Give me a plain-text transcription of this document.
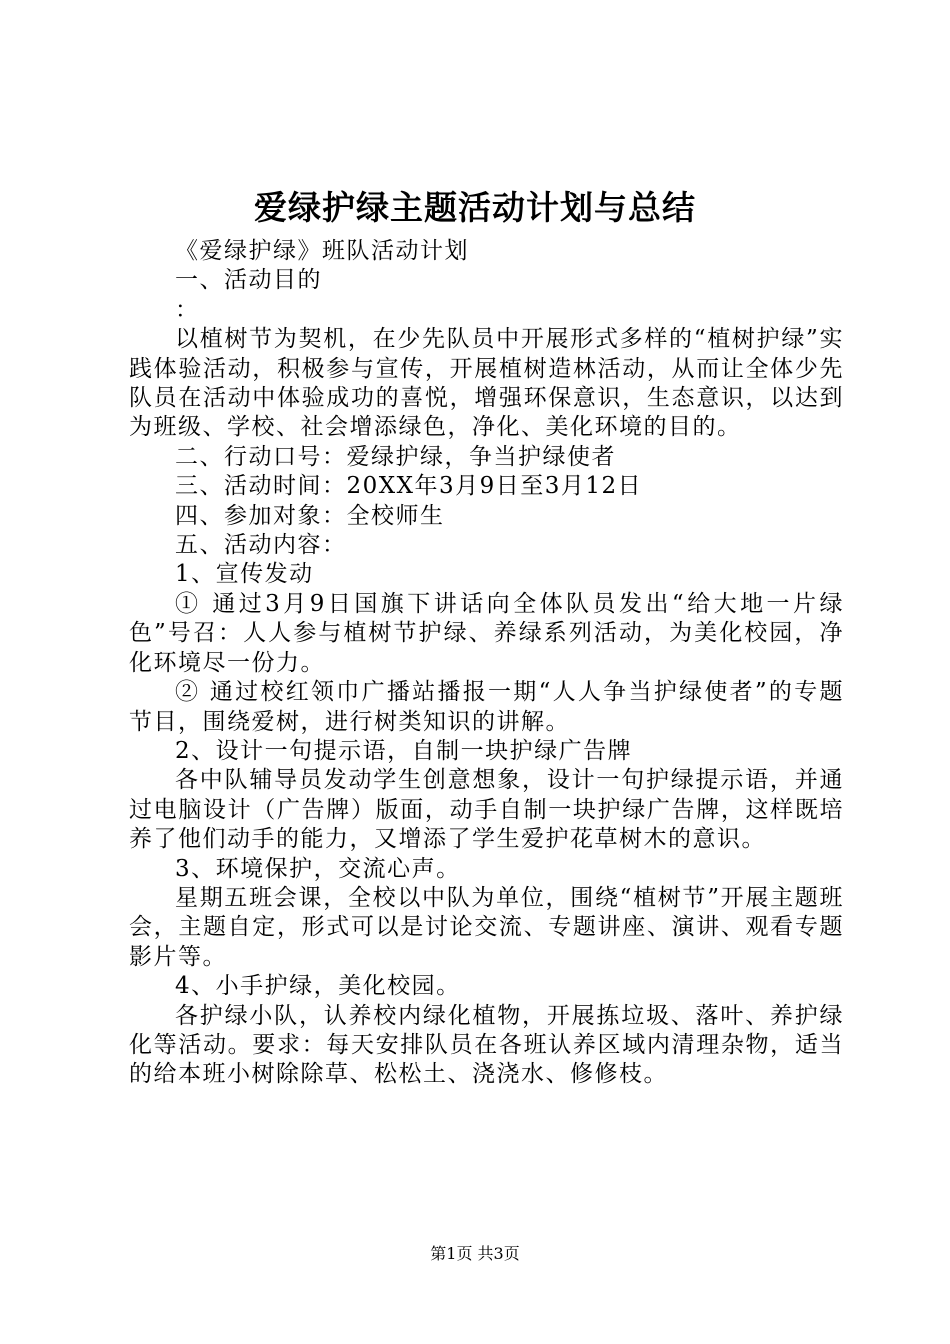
爱绿护绿主题活动计划与总结

《爱绿护绿》班队活动计划

一、活动目的

：

以植树节为契机，在少先队员中开展形式多样的“植树护绿”实践体验活动，积极参与宣传，开展植树造林活动，从而让全体少先队员在活动中体验成功的喜悦，增强环保意识，生态意识，以达到为班级、学校、社会增添绿色，净化、美化环境的目的。

二、行动口号：爱绿护绿，争当护绿使者

三、活动时间：20XX年3月9日至3月12日

四、参加对象：全校师生

五、活动内容：

1、宣传发动

① 通过3月9日国旗下讲话向全体队员发出“给大地一片绿色”号召：人人参与植树节护绿、养绿系列活动，为美化校园，净化环境尽一份力。

② 通过校红领巾广播站播报一期“人人争当护绿使者”的专题节目，围绕爱树，进行树类知识的讲解。

2、设计一句提示语，自制一块护绿广告牌

各中队辅导员发动学生创意想象，设计一句护绿提示语，并通过电脑设计（广告牌）版面，动手自制一块护绿广告牌，这样既培养了他们动手的能力，又增添了学生爱护花草树木的意识。

3、环境保护，交流心声。

星期五班会课，全校以中队为单位，围绕“植树节”开展主题班会，主题自定，形式可以是讨论交流、专题讲座、演讲、观看专题影片等。

4、小手护绿，美化校园。

各护绿小队，认养校内绿化植物，开展拣垃圾、落叶、养护绿化等活动。要求：每天安排队员在各班认养区域内清理杂物，适当的给本班小树除除草、松松土、浇浇水、修修枝。

第1页 共3页
